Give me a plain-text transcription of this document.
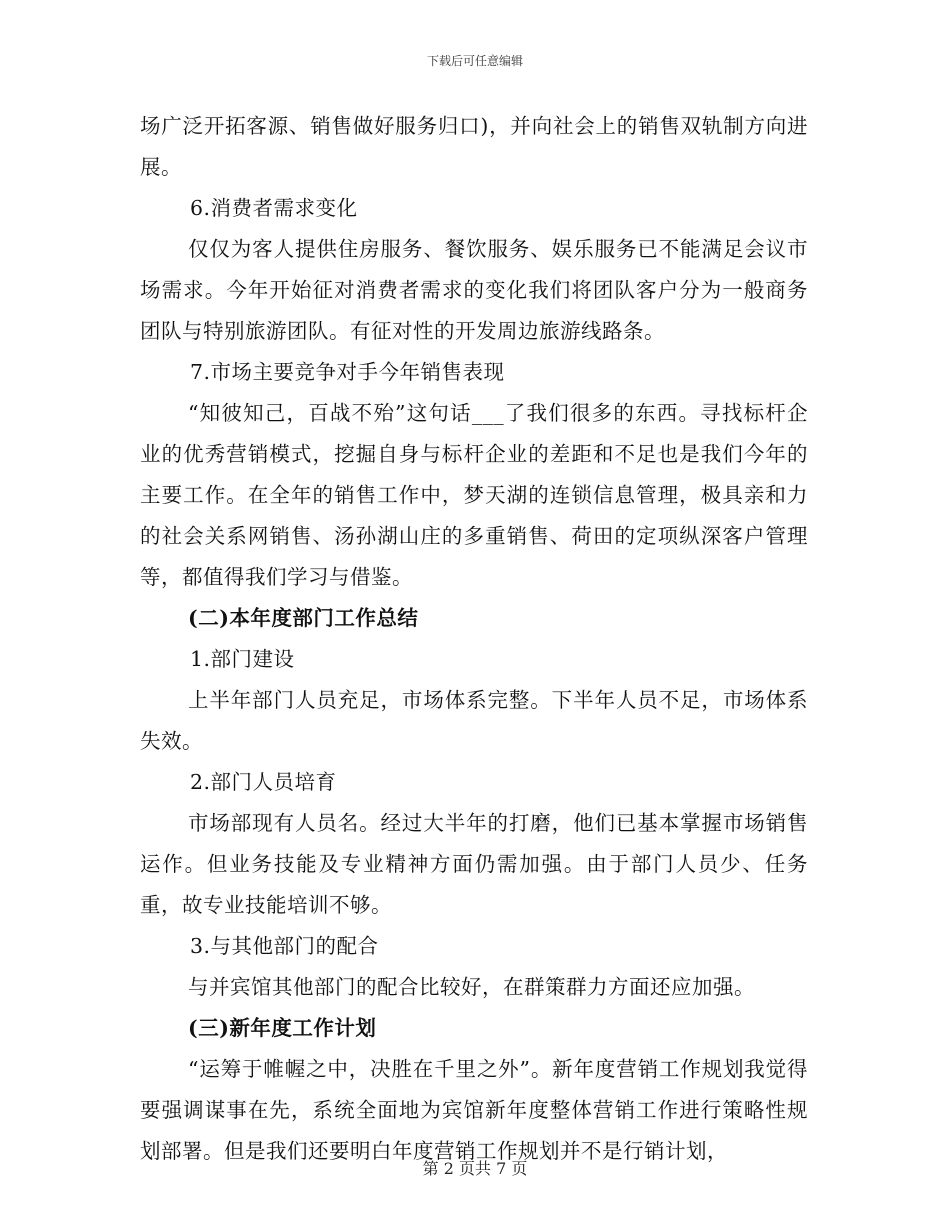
下载后可任意编辑

场广泛开拓客源、销售做好服务归口)，并向社会上的销售双轨制方向进展。

6.消费者需求变化

仅仅为客人提供住房服务、餐饮服务、娱乐服务已不能满足会议市场需求。今年开始征对消费者需求的变化我们将团队客户分为一般商务团队与特别旅游团队。有征对性的开发周边旅游线路条。

7.市场主要竞争对手今年销售表现

“知彼知己，百战不殆”这句话___了我们很多的东西。寻找标杆企业的优秀营销模式，挖掘自身与标杆企业的差距和不足也是我们今年的主要工作。在全年的销售工作中，梦天湖的连锁信息管理，极具亲和力的社会关系网销售、汤孙湖山庄的多重销售、荷田的定项纵深客户管理等，都值得我们学习与借鉴。

(二)本年度部门工作总结

1.部门建设

上半年部门人员充足，市场体系完整。下半年人员不足，市场体系失效。

2.部门人员培育

市场部现有人员名。经过大半年的打磨，他们已基本掌握市场销售运作。但业务技能及专业精神方面仍需加强。由于部门人员少、任务重，故专业技能培训不够。

3.与其他部门的配合

与并宾馆其他部门的配合比较好，在群策群力方面还应加强。

(三)新年度工作计划

“运筹于帷幄之中，决胜在千里之外”。新年度营销工作规划我觉得要强调谋事在先，系统全面地为宾馆新年度整体营销工作进行策略性规划部署。但是我们还要明白年度营销工作规划并不是行销计划，

第 2 页共 7 页
